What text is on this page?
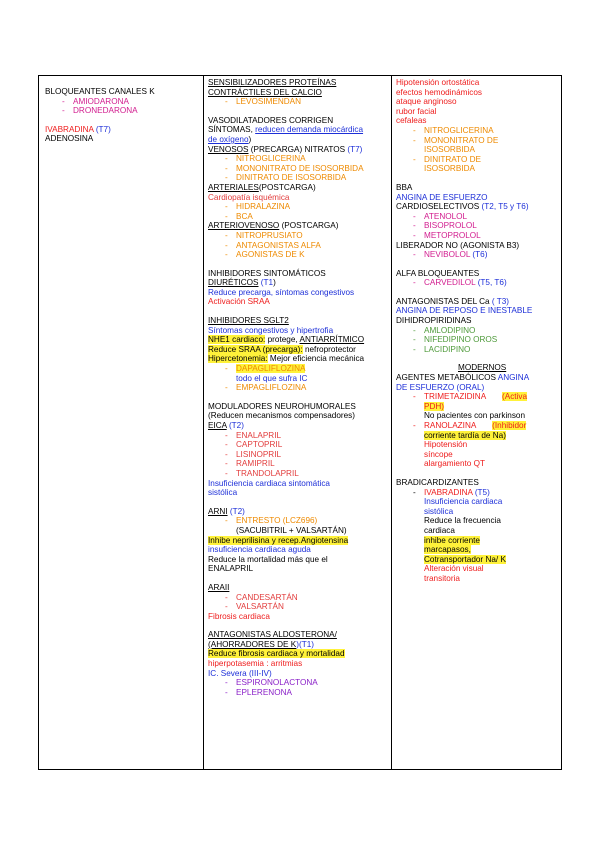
BLOQUEANTES CANALES K
- AMIODARONA
- DRONEDARONA
IVABRADINA (T7)
ADENOSINA
SENSIBILIZADORES PROTEÍNAS
CONTRÁCTILES DEL CALCIO
- LEVOSIMENDAN
VASODILATADORES CORRIGEN
SÍNTOMAS, reducen demanda miocárdica
de oxígeno)
VENOSOS (PRECARGA) NITRATOS (T7)
- NITROGLICERINA
- MONONITRATO DE ISOSORBIDA
- DINITRATO DE ISOSORBIDA
ARTERIALES(POSTCARGA)
Cardiopatía isquémica
- HIDRALAZINA
- BCA
ARTERIOVENOSO (POSTCARGA)
- NITROPRUSIATO
- ANTAGONISTAS ALFA
- AGONISTAS DE K
INHIBIDORES SINTOMÁTICOS
DIURÉTICOS (T1)
Reduce precarga, síntomas congestivos
Activación SRAA
INHIBIDORES SGLT2
Síntomas congestivos y hipertrofia
NHE1 cardiaco: protege, ANTIARRÍTMICO
Reduce SRAA (precarga): nefroprotector
Hipercetonemia: Mejor eficiencia mecánica
- DAPAGLIFLOZINA
todo el que sufra IC
- EMPAGLIFLOZINA
MODULADORES NEUROHUMORALES
(Reducen mecanismos compensadores)
EICA (T2)
- ENALAPRIL
- CAPTOPRIL
- LISINOPRIL
- RAMIPRIL
- TRANDOLAPRIL
Insuficiencia cardiaca sintomática
sistólica
ARNI (T2)
- ENTRESTO (LCZ696)
(SACUBITRIL + VALSARTÁN)
Inhibe neprilisina y recep.Angiotensina
insuficiencia cardiaca aguda
Reduce la mortalidad más que el
ENALAPRIL
ARAII
- CANDESARTÁN
- VALSARTÁN
Fibrosis cardiaca
ANTAGONISTAS ALDOSTERONA/
(AHORRADORES DE K)(T1)
Reduce fibrosis cardiaca y mortalidad
hiperpotasemia : arritmias
IC. Severa (III-IV)
- ESPIRONOLACTONA
- EPLERENONA
Hipotensión ortostática
efectos hemodinámicos
ataque anginoso
rubor facial
cefaleas
- NITROGLICERINA
- MONONITRATO DE ISOSORBIDA
- DINITRATO DE ISOSORBIDA
BBA
ANGINA DE ESFUERZO
CARDIOSELECTIVOS (T2, T5 y T6)
- ATENOLOL
- BISOPROLOL
- METOPROLOL
LIBERADOR NO (AGONISTA B3)
- NEVIBOLOL (T6)
ALFA BLOQUEANTES
- CARVEDILOL (T5, T6)
ANTAGONISTAS DEL Ca ( T3)
ANGINA DE REPOSO E INESTABLE
DIHIDROPIRIDINAS
- AMLODIPINO
- NIFEDIPINO OROS
- LACIDIPINO
MODERNOS
AGENTES METABÓLICOS ANGINA
DE ESFUERZO (ORAL)
- TRIMETAZIDINA (Activa
PDH)
No pacientes con parkinson
- RANOLAZINA (Inhibidor
corriente tardía de Na)
Hipotensión
síncope
alargamiento QT
BRADICARDIZANTES
- IVABRADINA (T5)
Insuficiencia cardiaca
sistólica
Reduce la frecuencia
cardiaca
inhibe corriente
marcapasos,
Cotransportador Na/ K
Alteración visual
transitoria
